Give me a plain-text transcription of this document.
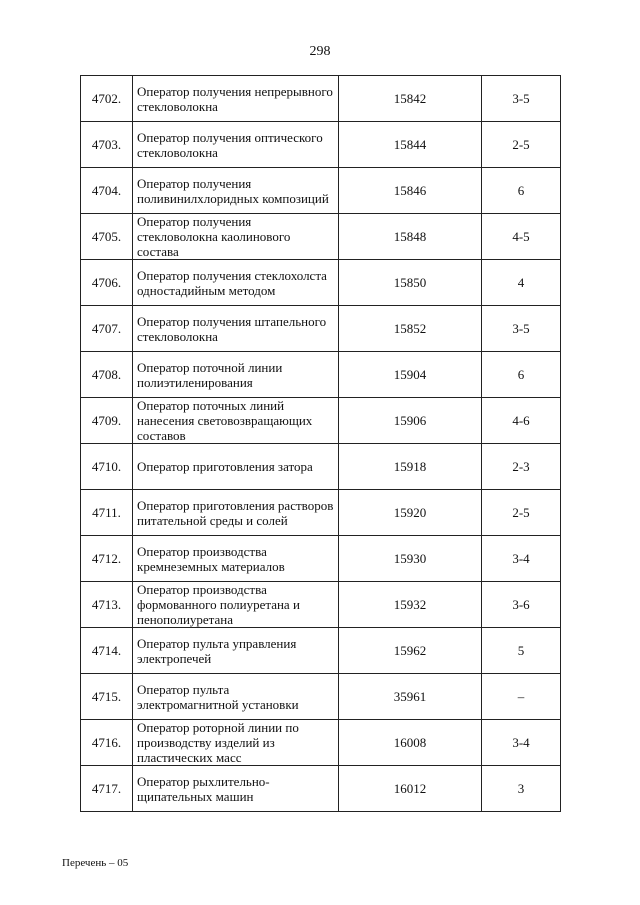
298
4702.	Оператор получения непрерывного стекловолокна	15842	3-5
4703.	Оператор получения оптического стекловолокна	15844	2-5
4704.	Оператор получения поливинилхлоридных композиций	15846	6
4705.	Оператор получения стекловолокна каолинового состава	15848	4-5
4706.	Оператор получения стеклохолста одностадийным методом	15850	4
4707.	Оператор получения штапельного стекловолокна	15852	3-5
4708.	Оператор поточной линии полиэтиленирования	15904	6
4709.	Оператор поточных линий нанесения световозвращающих составов	15906	4-6
4710.	Оператор приготовления затора	15918	2-3
4711.	Оператор приготовления растворов питательной среды и солей	15920	2-5
4712.	Оператор производства кремнеземных материалов	15930	3-4
4713.	Оператор производства формованного полиуретана и пенополиуретана	15932	3-6
4714.	Оператор пульта управления электропечей	15962	5
4715.	Оператор пульта электромагнитной установки	35961	–
4716.	Оператор роторной линии по производству изделий из пластических масс	16008	3-4
4717.	Оператор рыхлительно-щипательных машин	16012	3
Перечень – 05
